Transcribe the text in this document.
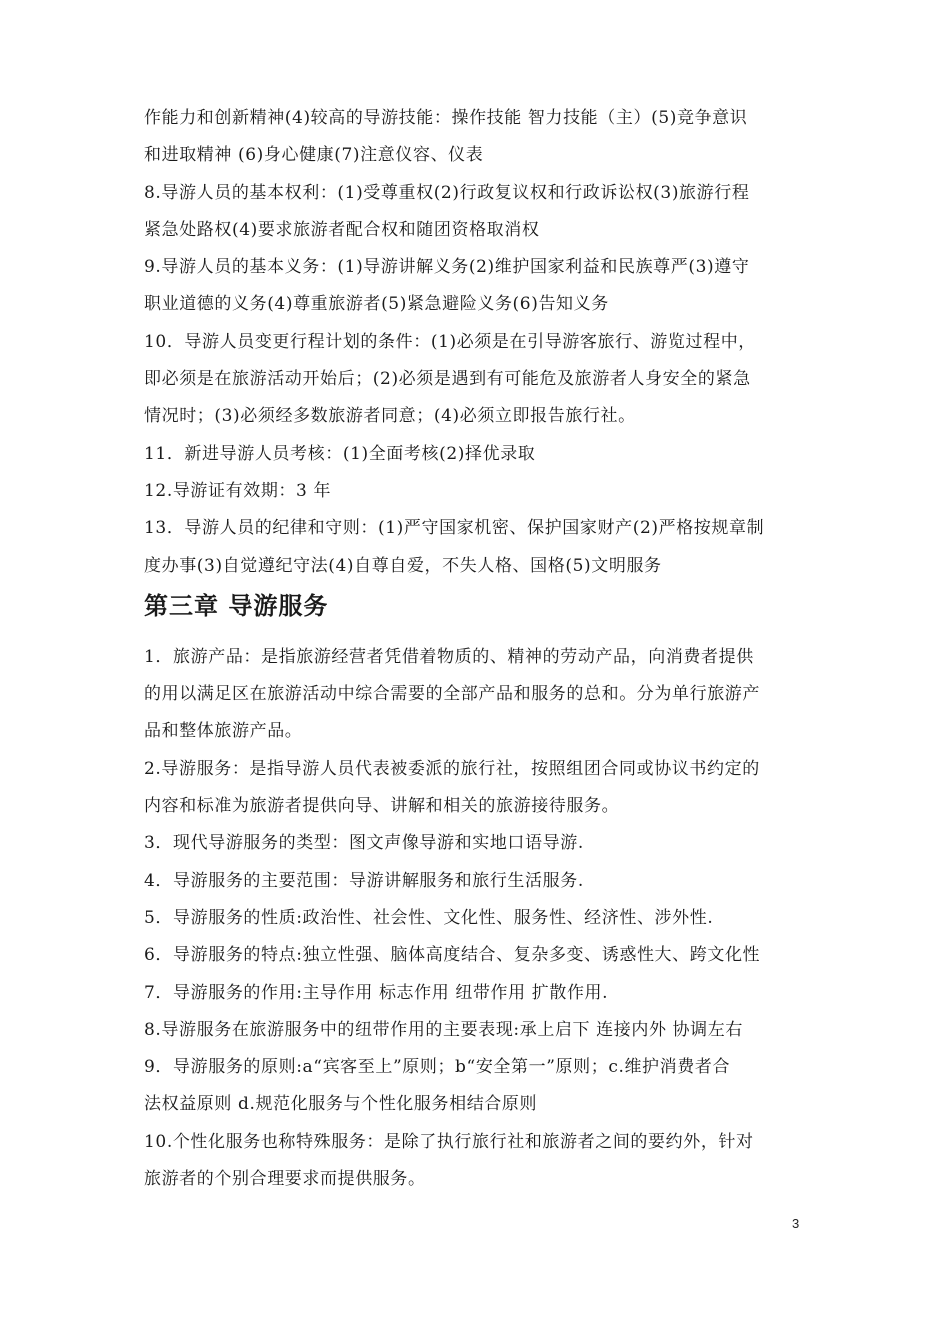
作能力和创新精神(4)较高的导游技能：操作技能 智力技能（主）(5)竞争意识
和进取精神 (6)身心健康(7)注意仪容、仪表
8.导游人员的基本权利：(1)受尊重权(2)行政复议权和行政诉讼权(3)旅游行程
紧急处路权(4)要求旅游者配合权和随团资格取消权
9.导游人员的基本义务：(1)导游讲解义务(2)维护国家利益和民族尊严(3)遵守
职业道德的义务(4)尊重旅游者(5)紧急避险义务(6)告知义务
10．导游人员变更行程计划的条件：(1)必须是在引导游客旅行、游览过程中，
即必须是在旅游活动开始后；(2)必须是遇到有可能危及旅游者人身安全的紧急
情况时；(3)必须经多数旅游者同意；(4)必须立即报告旅行社。
11．新进导游人员考核：(1)全面考核(2)择优录取
12.导游证有效期：3 年
13．导游人员的纪律和守则：(1)严守国家机密、保护国家财产(2)严格按规章制
度办事(3)自觉遵纪守法(4)自尊自爱，不失人格、国格(5)文明服务
第三章 导游服务
1．旅游产品：是指旅游经营者凭借着物质的、精神的劳动产品，向消费者提供
的用以满足区在旅游活动中综合需要的全部产品和服务的总和。分为单行旅游产
品和整体旅游产品。
2.导游服务：是指导游人员代表被委派的旅行社，按照组团合同或协议书约定的
内容和标准为旅游者提供向导、讲解和相关的旅游接待服务。
3．现代导游服务的类型：图文声像导游和实地口语导游.
4．导游服务的主要范围：导游讲解服务和旅行生活服务.
5．导游服务的性质:政治性、社会性、文化性、服务性、经济性、涉外性.
6．导游服务的特点:独立性强、脑体高度结合、复杂多变、诱惑性大、跨文化性
7．导游服务的作用:主导作用 标志作用 纽带作用 扩散作用.
8.导游服务在旅游服务中的纽带作用的主要表现:承上启下 连接内外 协调左右
9．导游服务的原则:a“宾客至上”原则；b“安全第一”原则；c.维护消费者合
法权益原则 d.规范化服务与个性化服务相结合原则
10.个性化服务也称特殊服务：是除了执行旅行社和旅游者之间的要约外，针对
旅游者的个别合理要求而提供服务。
3
